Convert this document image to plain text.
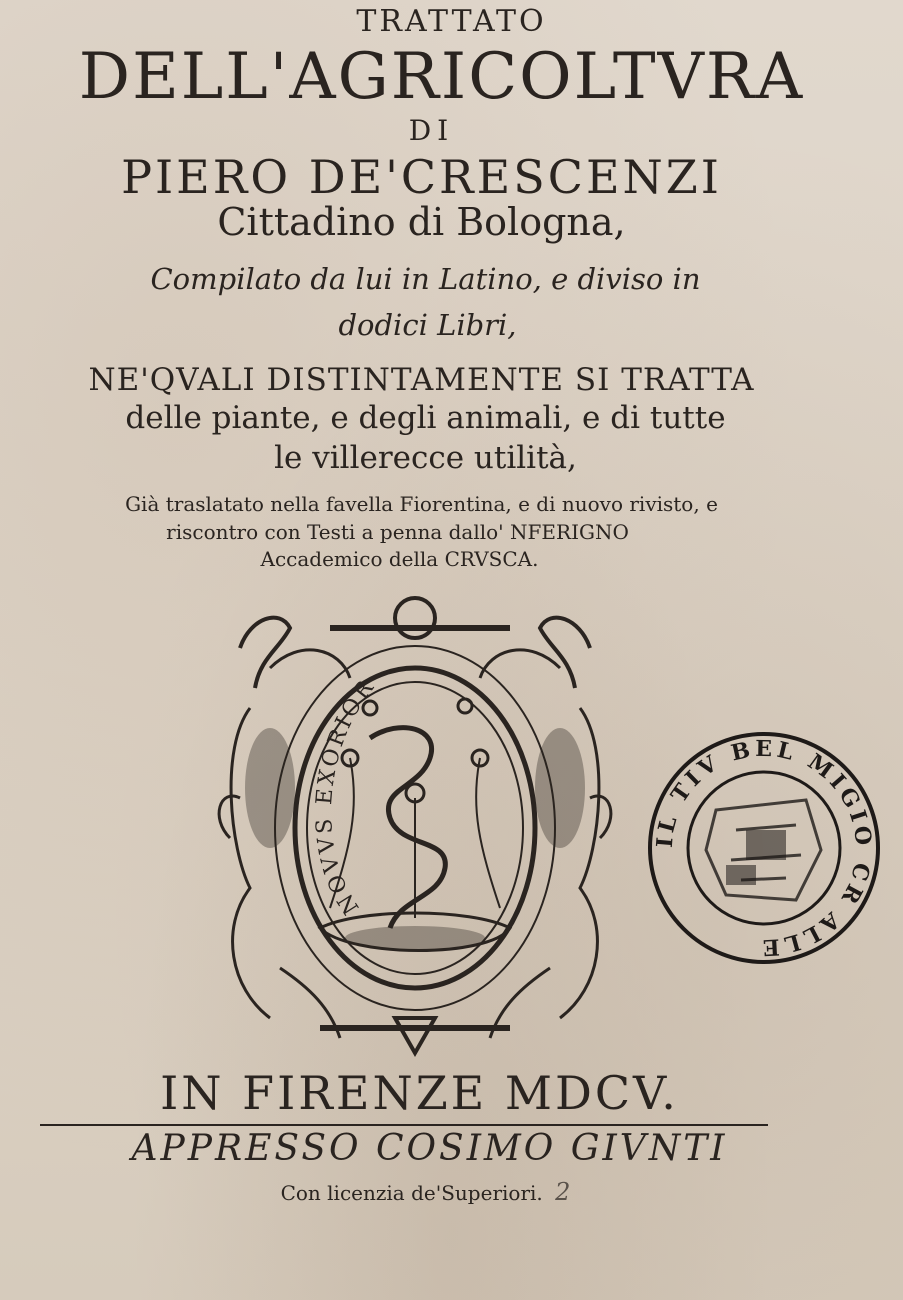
TRATTATO
DELL'AGRICOLTVRA
DI
PIERO DE'CRESCENZI
Cittadino di Bologna,
Compilato da lui in Latino, e diviso in
dodici Libri,
NE'QVALI DISTINTAMENTE SI TRATTA
delle piante, e degli animali, e di tutte
le villerecce utilità,
Già traslatato nella favella Fiorentina, e di nuovo rivisto, e
riscontro con Testi a penna dallo' NFERIGNO
Accademico della CRVSCA.
NOVVS EXORIOR
IL TIV BEL MIGIO CR ALLE
IN FIRENZE MDCV.
APPRESSO COSIMO GIVNTI
Con licenzia de'Superiori. 2
